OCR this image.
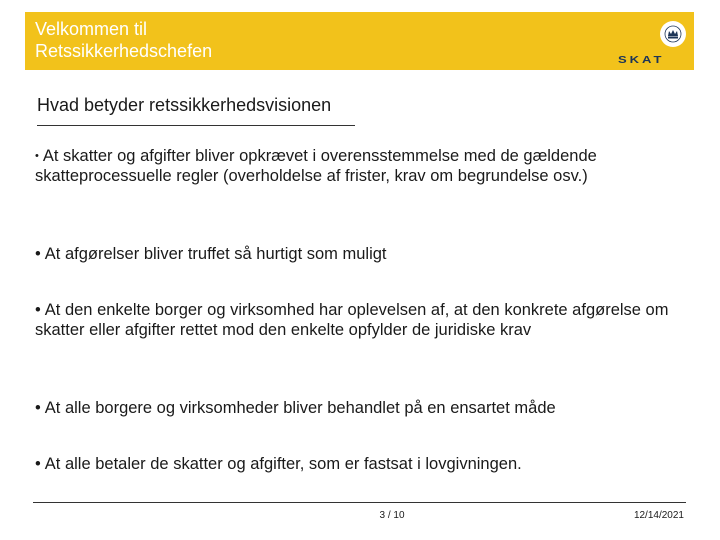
Velkommen til
Retssikkerhedschefen	SKAT
Hvad betyder retssikkerhedsvisionen
• At skatter og afgifter bliver opkrævet i overensstemmelse med de gældende skatteprocessuelle regler (overholdelse af frister, krav om begrundelse osv.)
• At afgørelser bliver truffet så hurtigt som muligt
• At den enkelte borger og virksomhed har oplevelsen af, at den konkrete afgørelse om skatter eller afgifter rettet mod den enkelte opfylder de juridiske krav
• At alle borgere og virksomheder bliver behandlet på en ensartet måde
• At alle betaler de skatter og afgifter, som er fastsat i lovgivningen.
3 / 10	12/14/2021
